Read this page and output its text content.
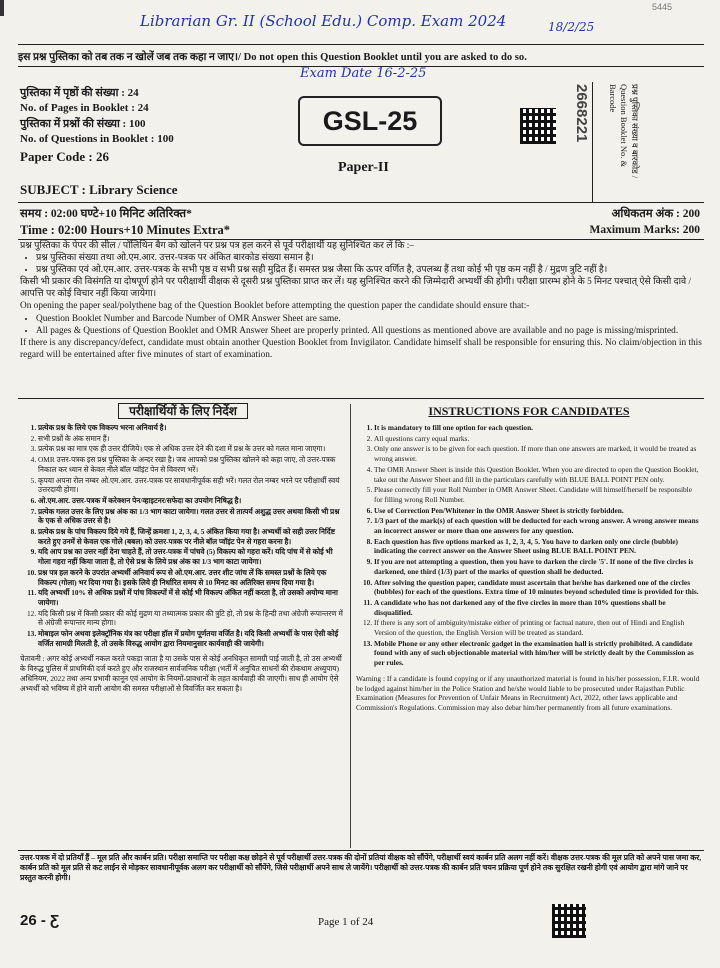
5445
Librarian Gr. II (School Edu.) Comp. Exam 2024	18/2/25
Exam Date 16-2-25
इस प्रश्न पुस्तिका को तब तक न खोलें जब तक कहा न जाए।/ Do not open this Question Booklet until you are asked to do so.
पुस्तिका में पृष्ठों की संख्या : 24
No. of Pages in Booklet : 24
पुस्तिका में प्रश्नों की संख्या : 100
No. of Questions in Booklet : 100
Paper Code : 26
SUBJECT : Library Science
GSL-25
Paper-II
2668221	प्रश्न पुस्तिका संख्या व बारकोड / Question Booklet No. & Barcode
समय : 02:00 घण्टे+10 मिनिट अतिरिक्त*
Time : 02:00 Hours+10 Minutes Extra*
अधिकतम अंक : 200
Maximum Marks: 200
प्रश्न पुस्तिका के पेपर की सील / पॉलिथिन बैग को खोलने पर प्रश्न पत्र हल करने से पूर्व परीक्षार्थी यह सुनिश्चित कर लें कि :–
• प्रश्न पुस्तिका संख्या तथा ओ.एम.आर. उत्तर-पत्रक पर अंकित बारकोड संख्या समान है।
• प्रश्न पुस्तिका एवं ओ.एम.आर. उत्तर-पत्रक के सभी पृष्ठ व सभी प्रश्न सही मुद्रित हैं। समस्त प्रश्न जैसा कि ऊपर वर्णित है, उपलब्ध हैं तथा कोई भी पृष्ठ कम नहीं है / मुद्रण त्रुटि नहीं है।
किसी भी प्रकार की विसंगति या दोषपूर्ण होने पर परीक्षार्थी वीक्षक से दूसरी प्रश्न पुस्तिका प्राप्त कर लें। यह सुनिश्चित करने की जिम्मेदारी अभ्यर्थी की होगी। परीक्षा प्रारम्भ होने के 5 मिनट पश्चात् ऐसे किसी दावे / आपत्ति पर कोई विचार नहीं किया जायेगा।
On opening the paper seal/polythene bag of the Question Booklet before attempting the question paper the candidate should ensure that:-
• Question Booklet Number and Barcode Number of OMR Answer Sheet are same.
• All pages & Questions of Question Booklet and OMR Answer Sheet are properly printed. All questions as mentioned above are available and no page is missing/misprinted.
If there is any discrepancy/defect, candidate must obtain another Question Booklet from Invigilator. Candidate himself shall be responsible for ensuring this. No claim/objection in this regard will be entertained after five minutes of start of examination.
परीक्षार्थियों के लिए निर्देश
1. प्रत्येक प्रश्न के लिये एक विकल्प भरना अनिवार्य है।
2. सभी प्रश्नों के अंक समान हैं।
3. प्रत्येक प्रश्न का मात्र एक ही उत्तर दीजिये। एक से अधिक उत्तर देने की दशा में प्रश्न के उत्तर को गलत माना जाएगा।
4. OMR उत्तर-पत्रक इस प्रश्न पुस्तिका के अन्दर रखा है। जब आपको प्रश्न पुस्तिका खोलने को कहा जाए, तो उत्तर-पत्रक निकाल कर ध्यान से केवल नीले बॉल प्वॉइंट पेन से विवरण भरें।
5. कृपया अपना रोल नम्बर ओ.एम.आर. उत्तर-पत्रक पर सावधानीपूर्वक सही भरें। गलत रोल नम्बर भरने पर परीक्षार्थी स्वयं उत्तरदायी होगा।
6. ओ.एम.आर. उत्तर-पत्रक में करेक्शन पेन/व्हाइटनर/सफेदा का उपयोग निषिद्ध है।
7. प्रत्येक गलत उत्तर के लिए प्रश्न अंक का 1/3 भाग काटा जायेगा। गलत उत्तर से तात्पर्य अशुद्ध उत्तर अथवा किसी भी प्रश्न के एक से अधिक उत्तर से है।
8. प्रत्येक प्रश्न के पांच विकल्प दिये गये हैं, जिन्हें क्रमशः 1, 2, 3, 4, 5 अंकित किया गया है। अभ्यर्थी को सही उत्तर निर्दिष्ट करते हुए उनमें से केवल एक गोले (बबल) को उत्तर-पत्रक पर नीले बॉल प्वॉइंट पेन से गहरा करना है।
9. यदि आप प्रश्न का उत्तर नहीं देना चाहते हैं, तो उत्तर-पत्रक में पांचवे (5) विकल्प को गहरा करें। यदि पांच में से कोई भी गोला गहरा नहीं किया जाता है, तो ऐसे प्रश्न के लिये प्रश्न अंक का 1/3 भाग काटा जायेगा।
10. प्रश्न पत्र हल करने के उपरांत अभ्यर्थी अनिवार्य रूप से ओ.एम.आर. उत्तर शीट जांच लें कि समस्त प्रश्नों के लिये एक विकल्प (गोला) भर दिया गया है। इसके लिये ही निर्धारित समय से 10 मिनट का अतिरिक्त समय दिया गया है।
11. यदि अभ्यर्थी 10% से अधिक प्रश्नों में पांच विकल्पों में से कोई भी विकल्प अंकित नहीं करता है, तो उसको अयोग्य माना जायेगा।
12. यदि किसी प्रश्न में किसी प्रकार की कोई मुद्रण या तथ्यात्मक प्रकार की त्रुटि हो, तो प्रश्न के हिन्दी तथा अंग्रेजी रूपान्तरण में से अंग्रेजी रूपान्तर मान्य होगा।
13. मोबाइल फोन अथवा इलेक्ट्रॉनिक यंत्र का परीक्षा हॉल में प्रयोग पूर्णतया वर्जित है। यदि किसी अभ्यर्थी के पास ऐसी कोई वर्जित सामग्री मिलती है, तो उसके विरुद्ध आयोग द्वारा नियमानुसार कार्यवाही की जायेगी।
चेतावनी : अगर कोई अभ्यर्थी नकल करते पकड़ा जाता है या उसके पास से कोई अनधिकृत सामग्री पाई जाती है, तो उस अभ्यर्थी के विरुद्ध पुलिस में प्राथमिकी दर्ज करते हुए और राजस्थान सार्वजनिक परीक्षा (भर्ती में अनुचित साधनों की रोकथाम अध्युपाय) अधिनियम, 2022 तथा अन्य प्रभावी कानून एवं आयोग के नियमों-प्रावधानों के तहत कार्यवाही की जाएगी। साथ ही आयोग ऐसे अभ्यर्थी को भविष्य में होने वाली आयोग की समस्त परीक्षाओं से विवर्जित कर सकता है।
INSTRUCTIONS FOR CANDIDATES
1. It is mandatory to fill one option for each question.
2. All questions carry equal marks.
3. Only one answer is to be given for each question. If more than one answers are marked, it would be treated as wrong answer.
4. The OMR Answer Sheet is inside this Question Booklet. When you are directed to open the Question Booklet, take out the Answer Sheet and fill in the particulars carefully with BLUE BALL POINT PEN only.
5. Please correctly fill your Roll Number in OMR Answer Sheet. Candidate will himself/herself be responsible for filling wrong Roll Number.
6. Use of Correction Pen/Whitener in the OMR Answer Sheet is strictly forbidden.
7. 1/3 part of the mark(s) of each question will be deducted for each wrong answer. A wrong answer means an incorrect answer or more than one answers for any question.
8. Each question has five options marked as 1, 2, 3, 4, 5. You have to darken only one circle (bubble) indicating the correct answer on the Answer Sheet using BLUE BALL POINT PEN.
9. If you are not attempting a question, then you have to darken the circle '5'. If none of the five circles is darkened, one third (1/3) part of the marks of question shall be deducted.
10. After solving the question paper, candidate must ascertain that he/she has darkened one of the circles (bubbles) for each of the questions. Extra time of 10 minutes beyond scheduled time is provided for this.
11. A candidate who has not darkened any of the five circles in more than 10% questions shall be disqualified.
12. If there is any sort of ambiguity/mistake either of printing or factual nature, then out of Hindi and English Version of the question, the English Version will be treated as standard.
13. Mobile Phone or any other electronic gadget in the examination hall is strictly prohibited. A candidate found with any of such objectionable material with him/her will be strictly dealt by the Commission as per rules.
Warning : If a candidate is found copying or if any unauthorized material is found in his/her possession, F.I.R. would be lodged against him/her in the Police Station and he/she would liable to be prosecuted under Rajasthan Public Examination (Measures for Prevention of Unfair Means in Recruitment) Act, 2022, other laws applicable and Commission's Regulations. Commission may also debar him/her permanently from all future examinations.
उत्तर-पत्रक में दो प्रतियाँ हैं – मूल प्रति और कार्बन प्रति। परीक्षा समाप्ति पर परीक्षा कक्ष छोड़ने से पूर्व परीक्षार्थी उत्तर-पत्रक की दोनों प्रतियां वीक्षक को सौंपेंगे, परीक्षार्थी स्वयं कार्बन प्रति अलग नहीं करें। वीक्षक उत्तर-पत्रक की मूल प्रति को अपने पास जमा कर, कार्बन प्रति को मूल प्रति से कट लाईन से मोड़कर सावधानीपूर्वक अलग कर परीक्षार्थी को सौंपेंगे, जिसे परीक्षार्थी अपने साथ ले जायेंगे। परीक्षार्थी को उत्तर-पत्रक की कार्बन प्रति चयन प्रक्रिया पूर्ण होने तक सुरक्षित रखनी होगी एवं आयोग द्वारा मांगे जाने पर प्रस्तुत करनी होगी।
26 - Ƹ	Page 1 of 24
